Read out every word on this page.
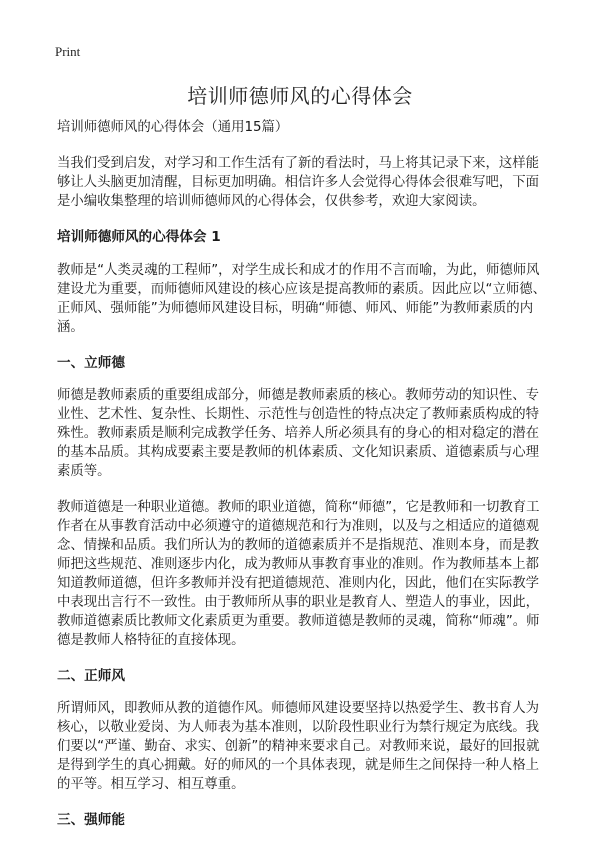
Print
培训师德师风的心得体会

培训师德师风的心得体会（通用15篇）

当我们受到启发，对学习和工作生活有了新的看法时，马上将其记录下来，这样能够让人头脑更加清醒，目标更加明确。相信许多人会觉得心得体会很难写吧，下面是小编收集整理的培训师德师风的心得体会，仅供参考，欢迎大家阅读。

培训师德师风的心得体会 1

教师是“人类灵魂的工程师”，对学生成长和成才的作用不言而喻，为此，师德师风建设尤为重要，而师德师风建设的核心应该是提高教师的素质。因此应以“立师德、正师风、强师能”为师德师风建设目标，明确“师德、师风、师能”为教师素质的内涵。

一、立师德

师德是教师素质的重要组成部分，师德是教师素质的核心。教师劳动的知识性、专业性、艺术性、复杂性、长期性、示范性与创造性的特点决定了教师素质构成的特殊性。教师素质是顺利完成教学任务、培养人所必须具有的身心的相对稳定的潜在的基本品质。其构成要素主要是教师的机体素质、文化知识素质、道德素质与心理素质等。

教师道德是一种职业道德。教师的职业道德，简称“师德”，它是教师和一切教育工作者在从事教育活动中必须遵守的道德规范和行为准则，以及与之相适应的道德观念、情操和品质。我们所认为的教师的道德素质并不是指规范、准则本身，而是教师把这些规范、准则逐步内化，成为教师从事教育事业的准则。作为教师基本上都知道教师道德，但许多教师并没有把道德规范、准则内化，因此，他们在实际教学中表现出言行不一致性。由于教师所从事的职业是教育人、塑造人的事业，因此，教师道德素质比教师文化素质更为重要。教师道德是教师的灵魂，简称“师魂”。师德是教师人格特征的直接体现。

二、正师风

所谓师风，即教师从教的道德作风。师德师风建设要坚持以热爱学生、教书育人为核心，以敬业爱岗、为人师表为基本准则，以阶段性职业行为禁行规定为底线。我们要以“严谨、勤奋、求实、创新”的精神来要求自己。对教师来说，最好的回报就是得到学生的真心拥戴。好的师风的一个具体表现，就是师生之间保持一种人格上的平等。相互学习、相互尊重。

三、强师能
